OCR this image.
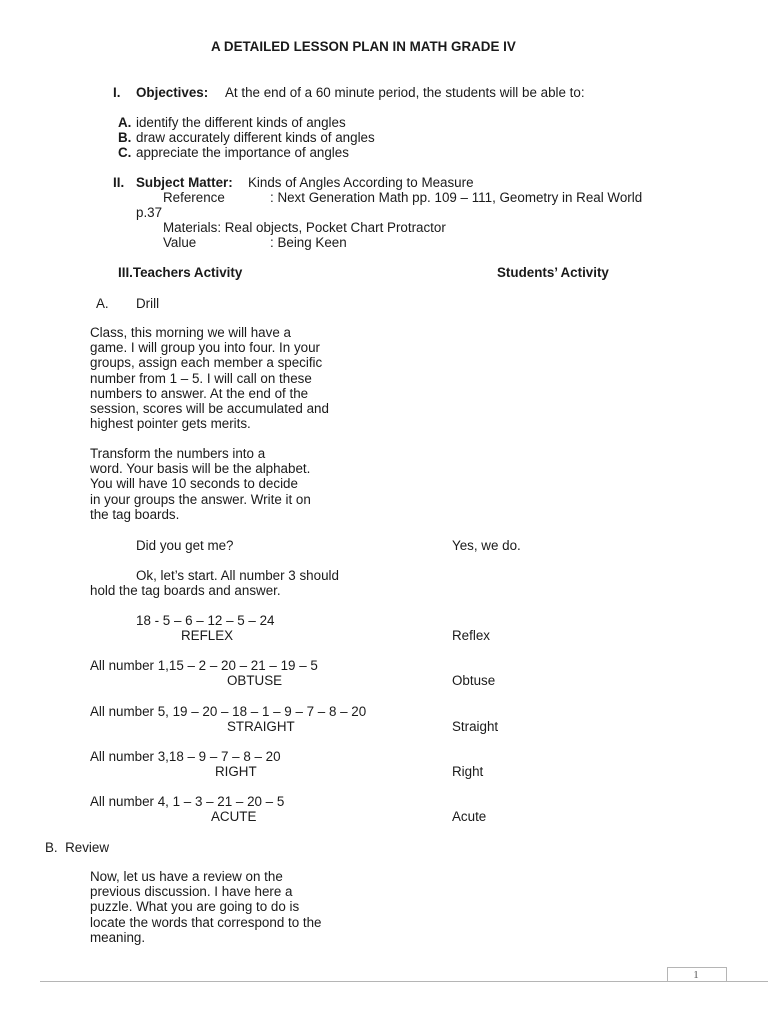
A DETAILED LESSON PLAN IN MATH GRADE IV
I. Objectives: At the end of a 60 minute period, the students will be able to:
A. identify the different kinds of angles
B. draw accurately different kinds of angles
C. appreciate the importance of angles
II. Subject Matter: Kinds of Angles According to Measure
Reference	: Next Generation Math pp. 109 – 111, Geometry in Real World
p.37
Materials: Real objects, Pocket Chart Protractor
Value	: Being Keen
III.Teachers Activity	Students’ Activity
A. Drill
Class, this morning we will have a
game. I will group you into four. In your
groups, assign each member a specific
number from 1 – 5. I will call on these
numbers to answer. At the end of the
session, scores will be accumulated and
highest pointer gets merits.
Transform the numbers into a
word. Your basis will be the alphabet.
You will have 10 seconds to decide
in your groups the answer. Write it on
the tag boards.
Did you get me?	Yes, we do.
Ok, let’s start. All number 3 should
hold the tag boards and answer.
18 - 5 – 6 – 12 – 5 – 24
REFLEX	Reflex
All number 1,15 – 2 – 20 – 21 – 19 – 5
OBTUSE	Obtuse
All number 5, 19 – 20 – 18 – 1 – 9 – 7 – 8 – 20
STRAIGHT	Straight
All number 3,18 – 9 – 7 – 8 – 20
RIGHT	Right
All number 4, 1 – 3 – 21 – 20 – 5
ACUTE	Acute
B.  Review
Now, let us have a review on the
previous discussion. I have here a
puzzle. What you are going to do is
locate the words that correspond to the
meaning.
1
